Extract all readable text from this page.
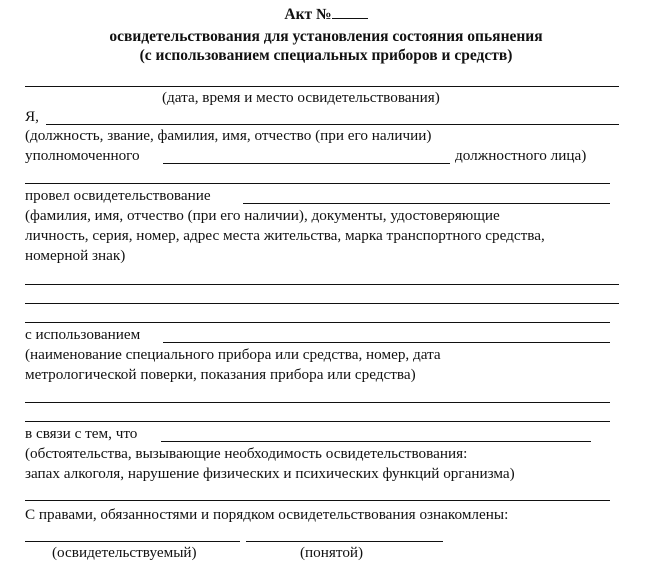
Акт №
освидетельствования для установления состояния опьянения
(с использованием специальных приборов и средств)
(дата, время и место освидетельствования)
Я,
(должность, звание, фамилия, имя, отчество (при его наличии)
уполномоченного	должностного лица)
провел освидетельствование
(фамилия, имя, отчество (при его наличии), документы, удостоверяющие
личность, серия, номер, адрес места жительства, марка транспортного средства,
номерной знак)
с использованием
(наименование специального прибора или средства, номер, дата
метрологической поверки, показания прибора или средства)
в связи с тем, что
(обстоятельства, вызывающие необходимость освидетельствования:
запах алкоголя, нарушение физических и психических функций организма)
С правами, обязанностями и порядком освидетельствования ознакомлены:
(освидетельствуемый)	(понятой)
